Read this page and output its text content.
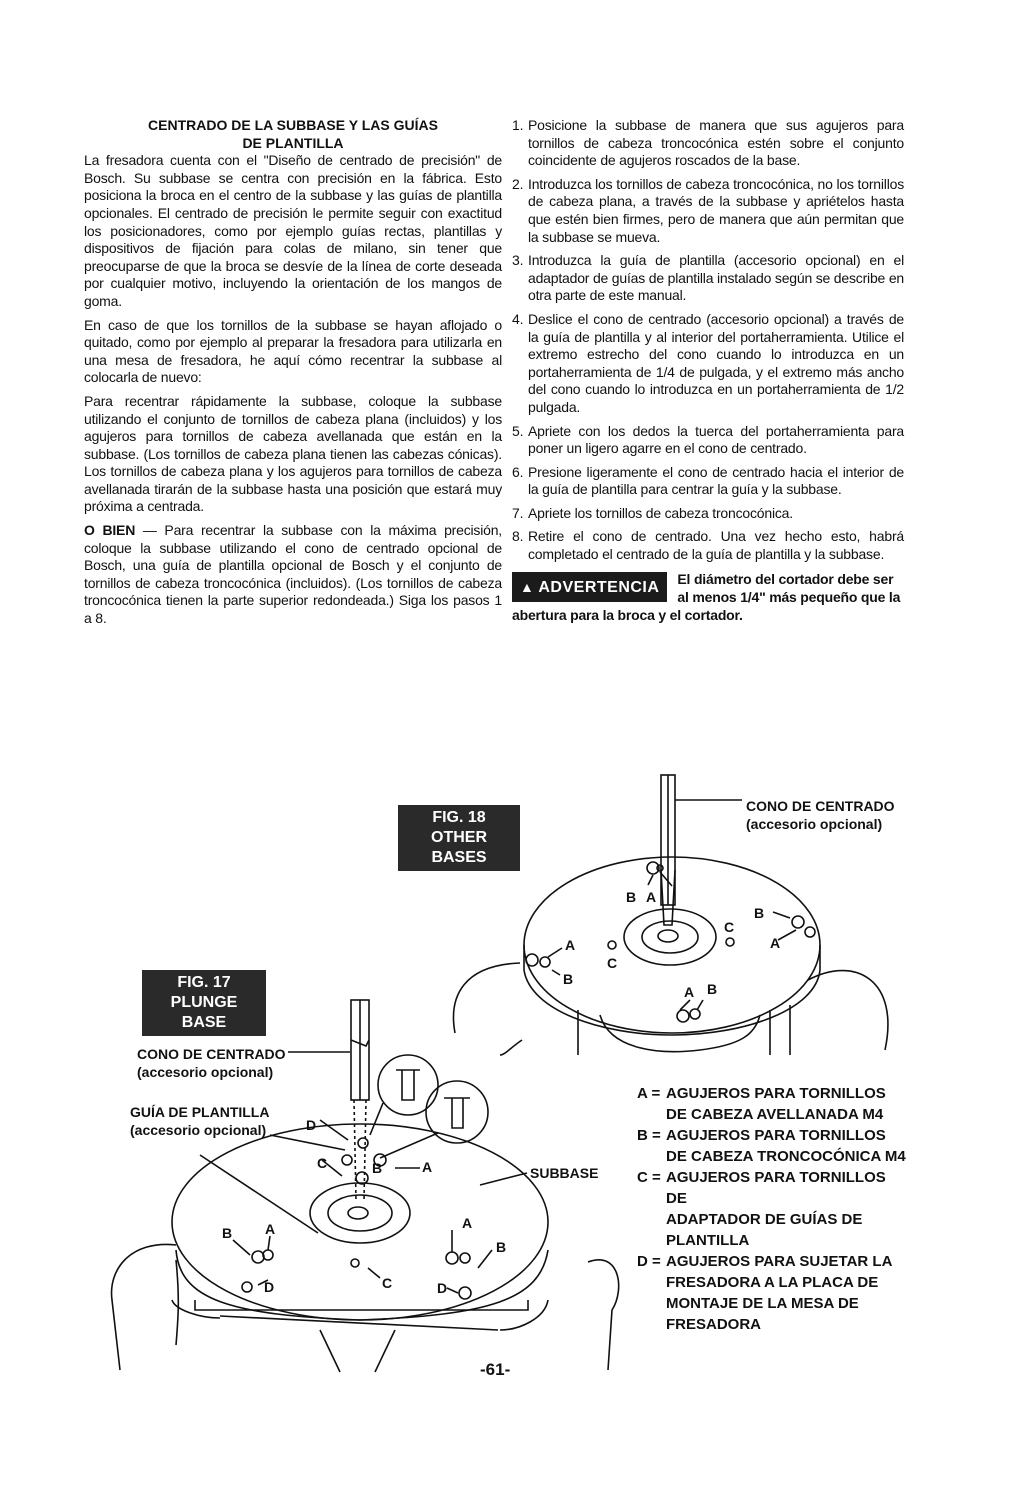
CENTRADO DE LA SUBBASE Y LAS GUÍAS
DE PLANTILLA

La fresadora cuenta con el "Diseño de centrado de precisión" de Bosch. Su subbase se centra con precisión en la fábrica. Esto posiciona la broca en el centro de la subbase y las guías de plantilla opcionales. El centrado de precisión le permite seguir con exactitud los posicionadores, como por ejemplo guías rectas, plantillas y dispositivos de fijación para colas de milano, sin tener que preocuparse de que la broca se desvíe de la línea de corte deseada por cualquier motivo, incluyendo la orientación de los mangos de goma.

En caso de que los tornillos de la subbase se hayan aflojado o quitado, como por ejemplo al preparar la fresadora para utilizarla en una mesa de fresadora, he aquí cómo recentrar la subbase al colocarla de nuevo:

Para recentrar rápidamente la subbase, coloque la subbase utilizando el conjunto de tornillos de cabeza plana (incluidos) y los agujeros para tornillos de cabeza avellanada que están en la subbase. (Los tornillos de cabeza plana tienen las cabezas cónicas). Los tornillos de cabeza plana y los agujeros para tornillos de cabeza avellanada tirarán de la subbase hasta una posición que estará muy próxima a centrada.

O BIEN — Para recentrar la subbase con la máxima precisión, coloque la subbase utilizando el cono de centrado opcional de Bosch, una guía de plantilla opcional de Bosch y el conjunto de tornillos de cabeza troncocónica (incluidos). (Los tornillos de cabeza troncocónica tienen la parte superior redondeada.) Siga los pasos 1 a 8.

1. Posicione la subbase de manera que sus agujeros para tornillos de cabeza troncocónica estén sobre el conjunto coincidente de agujeros roscados de la base.
2. Introduzca los tornillos de cabeza troncocónica, no los tornillos de cabeza plana, a través de la subbase y apriételos hasta que estén bien firmes, pero de manera que aún permitan que la subbase se mueva.
3. Introduzca la guía de plantilla (accesorio opcional) en el adaptador de guías de plantilla instalado según se describe en otra parte de este manual.
4. Deslice el cono de centrado (accesorio opcional) a través de la guía de plantilla y al interior del portaherramienta. Utilice el extremo estrecho del cono cuando lo introduzca en un portaherramienta de 1/4 de pulgada, y el extremo más ancho del cono cuando lo introduzca en un portaherramienta de 1/2 pulgada.
5. Apriete con los dedos la tuerca del portaherramienta para poner un ligero agarre en el cono de centrado.
6. Presione ligeramente el cono de centrado hacia el interior de la guía de plantilla para centrar la guía y la subbase.
7. Apriete los tornillos de cabeza troncocónica.
8. Retire el cono de centrado. Una vez hecho esto, habrá completado el centrado de la guía de plantilla y la subbase.
▲ ADVERTENCIA	El diámetro del cortador debe ser al menos 1/4" más pequeño que la abertura para la broca y el cortador.
FIG. 18
OTHER BASES
FIG. 17
PLUNGE BASE
B A
B
C
A
A
C
B
A B
D
C	B	A
B A	A
B
D	C	D
CONO DE CENTRADO
(accesorio opcional)
CONO DE CENTRADO
(accesorio opcional)
GUÍA DE PLANTILLA
(accesorio opcional)
SUBBASE
A = AGUJEROS PARA TORNILLOS
DE CABEZA AVELLANADA M4
B = AGUJEROS PARA TORNILLOS
DE CABEZA TRONCOCÓNICA M4
C = AGUJEROS PARA TORNILLOS
DE
ADAPTADOR DE GUÍAS DE
PLANTILLA
D = AGUJEROS PARA SUJETAR LA
FRESADORA A LA PLACA DE
MONTAJE DE LA MESA DE
FRESADORA
-61-
